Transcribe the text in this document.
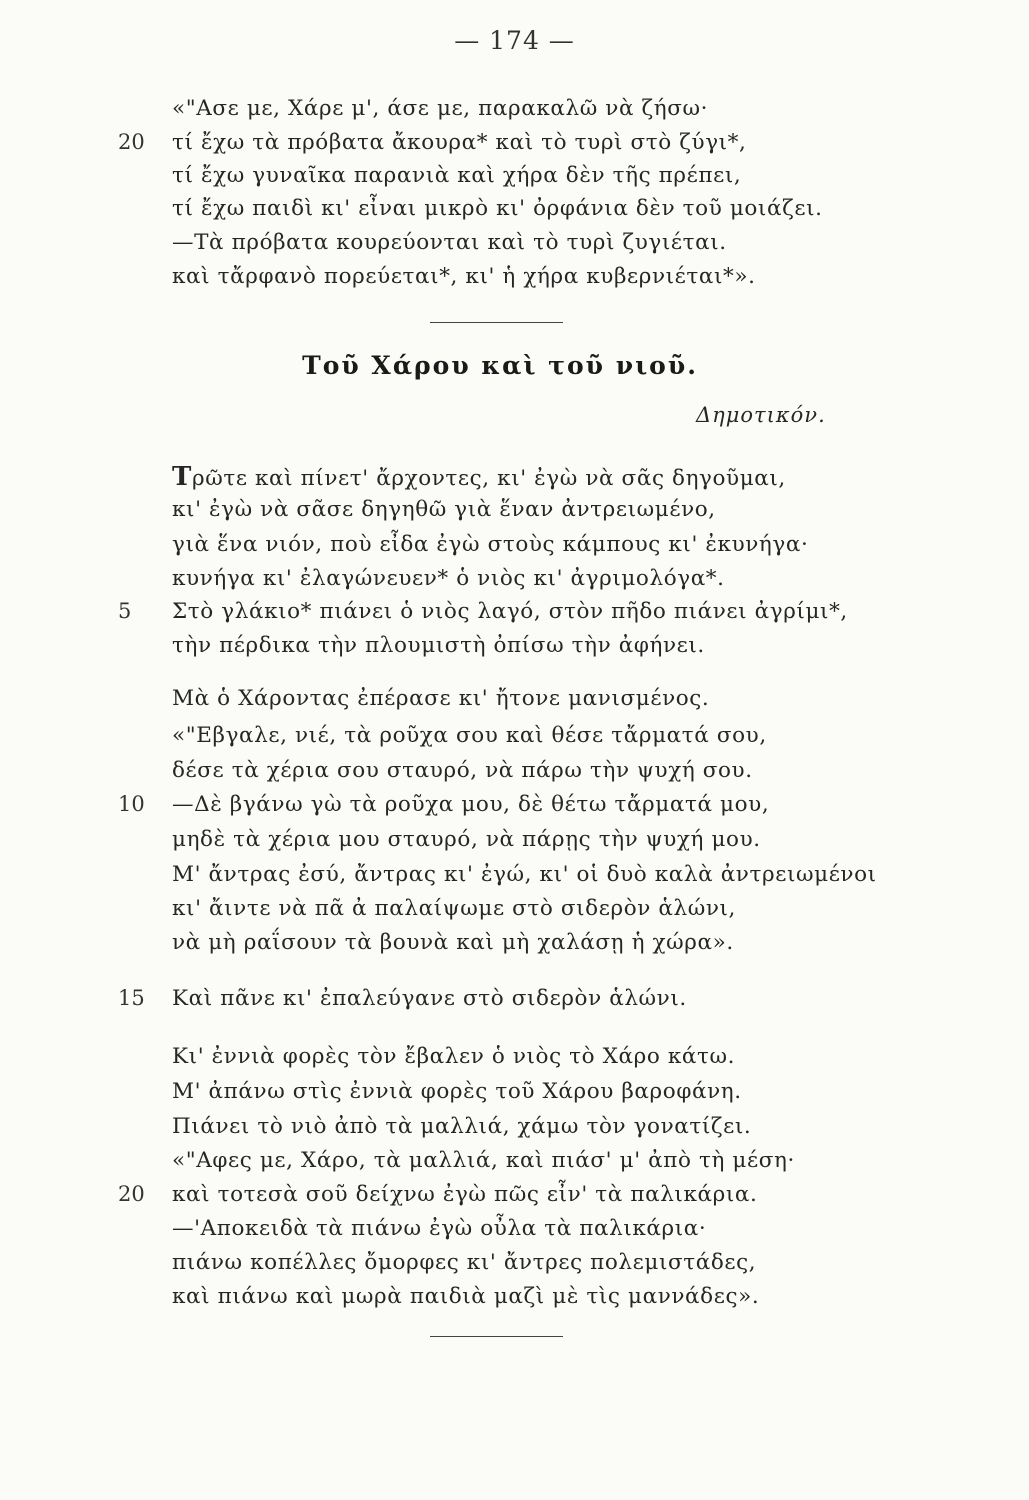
— 174 —
«"Ασε με, Χάρε μ', άσε με, παρακαλῶ νὰ ζήσω·
20 τί ἔχω τὰ πρόβατα ἄκουρα* καὶ τὸ τυρὶ στὸ ζύγι*,
τί ἔχω γυναῖκα παρανιὰ καὶ χήρα δὲν τῆς πρέπει,
τί ἔχω παιδὶ κι' εἶναι μικρὸ κι' ὀρφάνια δὲν τοῦ μοιάζει.
—Τὰ πρόβατα κουρεύονται καὶ τὸ τυρὶ ζυγιέται.
καὶ τἄρφανὸ πορεύεται*, κι' ἡ χήρα κυβερνιέται*».
Τοῦ Χάρου καὶ τοῦ νιοῦ.
Δημοτικόν.
Τρῶτε καὶ πίνετ' ἄρχοντες, κι' ἐγὼ νὰ σᾶς δηγοῦμαι,
κι' ἐγὼ νὰ σᾶσε δηγηθῶ γιὰ ἕναν ἀντρειωμένο,
γιὰ ἕνα νιόν, ποὺ εἶδα ἐγὼ στοὺς κάμπους κι' ἐκυνήγα·
κυνήγα κι' ἐλαγώνευεν* ὁ νιὸς κι' ἀγριμολόγα*.
5 Στὸ γλάκιο* πιάνει ὁ νιὸς λαγό, στὸν πῆδο πιάνει ἀγρίμι*,
τὴν πέρδικα τὴν πλουμιστὴ ὀπίσω τὴν ἀφήνει.
Μὰ ὁ Χάροντας ἐπέρασε κι' ἤτονε μανισμένος.
«"Εβγαλε, νιέ, τὰ ροῦχα σου καὶ θέσε τἄρματά σου,
δέσε τὰ χέρια σου σταυρό, νὰ πάρω τὴν ψυχή σου.
10 —Δὲ βγάνω γὼ τὰ ροῦχα μου, δὲ θέτω τἄρματά μου,
μηδὲ τὰ χέρια μου σταυρό, νὰ πάρῃς τὴν ψυχή μου.
Μ' ἄντρας ἐσύ, ἄντρας κι' ἐγώ, κι' οἱ δυὸ καλὰ ἀντρειωμένοι
κι' ἄιντε νὰ πᾶ ἀ παλαίψωμε στὸ σιδερὸν ἁλώνι,
νὰ μὴ ραΐσουν τὰ βουνὰ καὶ μὴ χαλάσῃ ἡ χώρα».
15 Καὶ πᾶνε κι' ἐπαλεύγανε στὸ σιδερὸν ἁλώνι.
Κι' ἐννιὰ φορὲς τὸν ἔβαλεν ὁ νιὸς τὸ Χάρο κάτω.
Μ' ἀπάνω στὶς ἐννιὰ φορὲς τοῦ Χάρου βαροφάνη.
Πιάνει τὸ νιὸ ἀπὸ τὰ μαλλιά, χάμω τὸν γονατίζει.
«"Αφες με, Χάρο, τὰ μαλλιά, καὶ πιάσ' μ' ἀπὸ τὴ μέση·
20 καὶ τοτεσὰ σοῦ δείχνω ἐγὼ πῶς εἶν' τὰ παλικάρια.
—'Αποκειδὰ τὰ πιάνω ἐγὼ οὖλα τὰ παλικάρια·
πιάνω κοπέλλες ὄμορφες κι' ἄντρες πολεμιστάδες,
καὶ πιάνω καὶ μωρὰ παιδιὰ μαζὶ μὲ τὶς μαννάδες».
